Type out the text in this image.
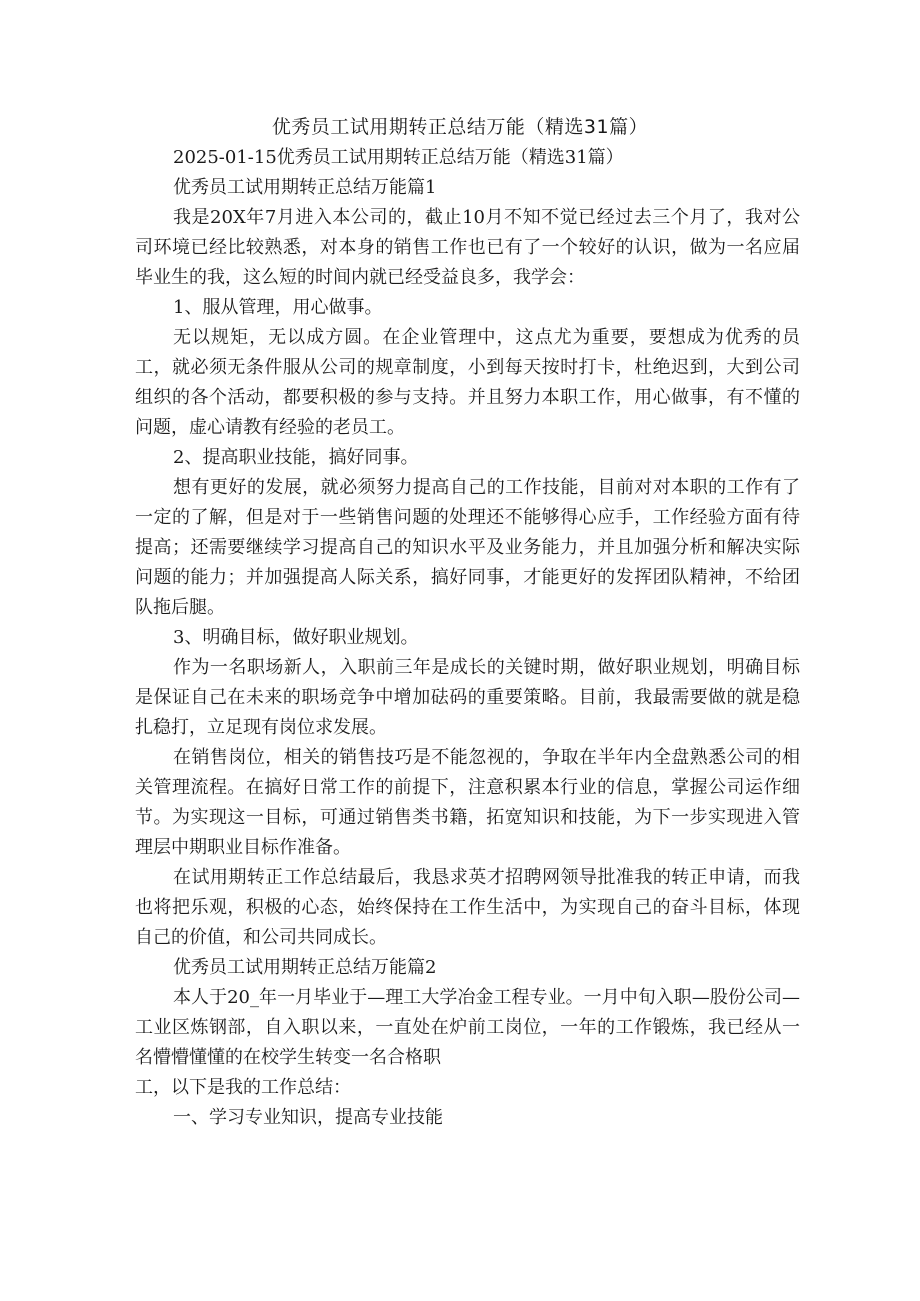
优秀员工试用期转正总结万能（精选31篇）

2025-01-15优秀员工试用期转正总结万能（精选31篇）

优秀员工试用期转正总结万能篇1

我是20X年7月进入本公司的，截止10月不知不觉已经过去三个月了，我对公司环境已经比较熟悉，对本身的销售工作也已有了一个较好的认识，做为一名应届毕业生的我，这么短的时间内就已经受益良多，我学会：

1、服从管理，用心做事。

无以规矩，无以成方圆。在企业管理中，这点尤为重要，要想成为优秀的员工，就必须无条件服从公司的规章制度，小到每天按时打卡，杜绝迟到，大到公司组织的各个活动，都要积极的参与支持。并且努力本职工作，用心做事，有不懂的问题，虚心请教有经验的老员工。

2、提高职业技能，搞好同事。

想有更好的发展，就必须努力提高自己的工作技能，目前对对本职的工作有了一定的了解，但是对于一些销售问题的处理还不能够得心应手，工作经验方面有待提高；还需要继续学习提高自己的知识水平及业务能力，并且加强分析和解决实际问题的能力；并加强提高人际关系，搞好同事，才能更好的发挥团队精神，不给团队拖后腿。

3、明确目标，做好职业规划。

作为一名职场新人，入职前三年是成长的关键时期，做好职业规划，明确目标是保证自己在未来的职场竞争中增加砝码的重要策略。目前，我最需要做的就是稳扎稳打，立足现有岗位求发展。

在销售岗位，相关的销售技巧是不能忽视的，争取在半年内全盘熟悉公司的相关管理流程。在搞好日常工作的前提下，注意积累本行业的信息，掌握公司运作细节。为实现这一目标，可通过销售类书籍，拓宽知识和技能，为下一步实现进入管理层中期职业目标作准备。

在试用期转正工作总结最后，我恳求英才招聘网领导批准我的转正申请，而我也将把乐观，积极的心态，始终保持在工作生活中，为实现自己的奋斗目标，体现自己的价值，和公司共同成长。

优秀员工试用期转正总结万能篇2

本人于20_年一月毕业于—理工大学冶金工程专业。一月中旬入职—股份公司—工业区炼钢部，自入职以来，一直处在炉前工岗位，一年的工作锻炼，我已经从一名懵懵懂懂的在校学生转变一名合格职

工，以下是我的工作总结：

一、学习专业知识，提高专业技能
